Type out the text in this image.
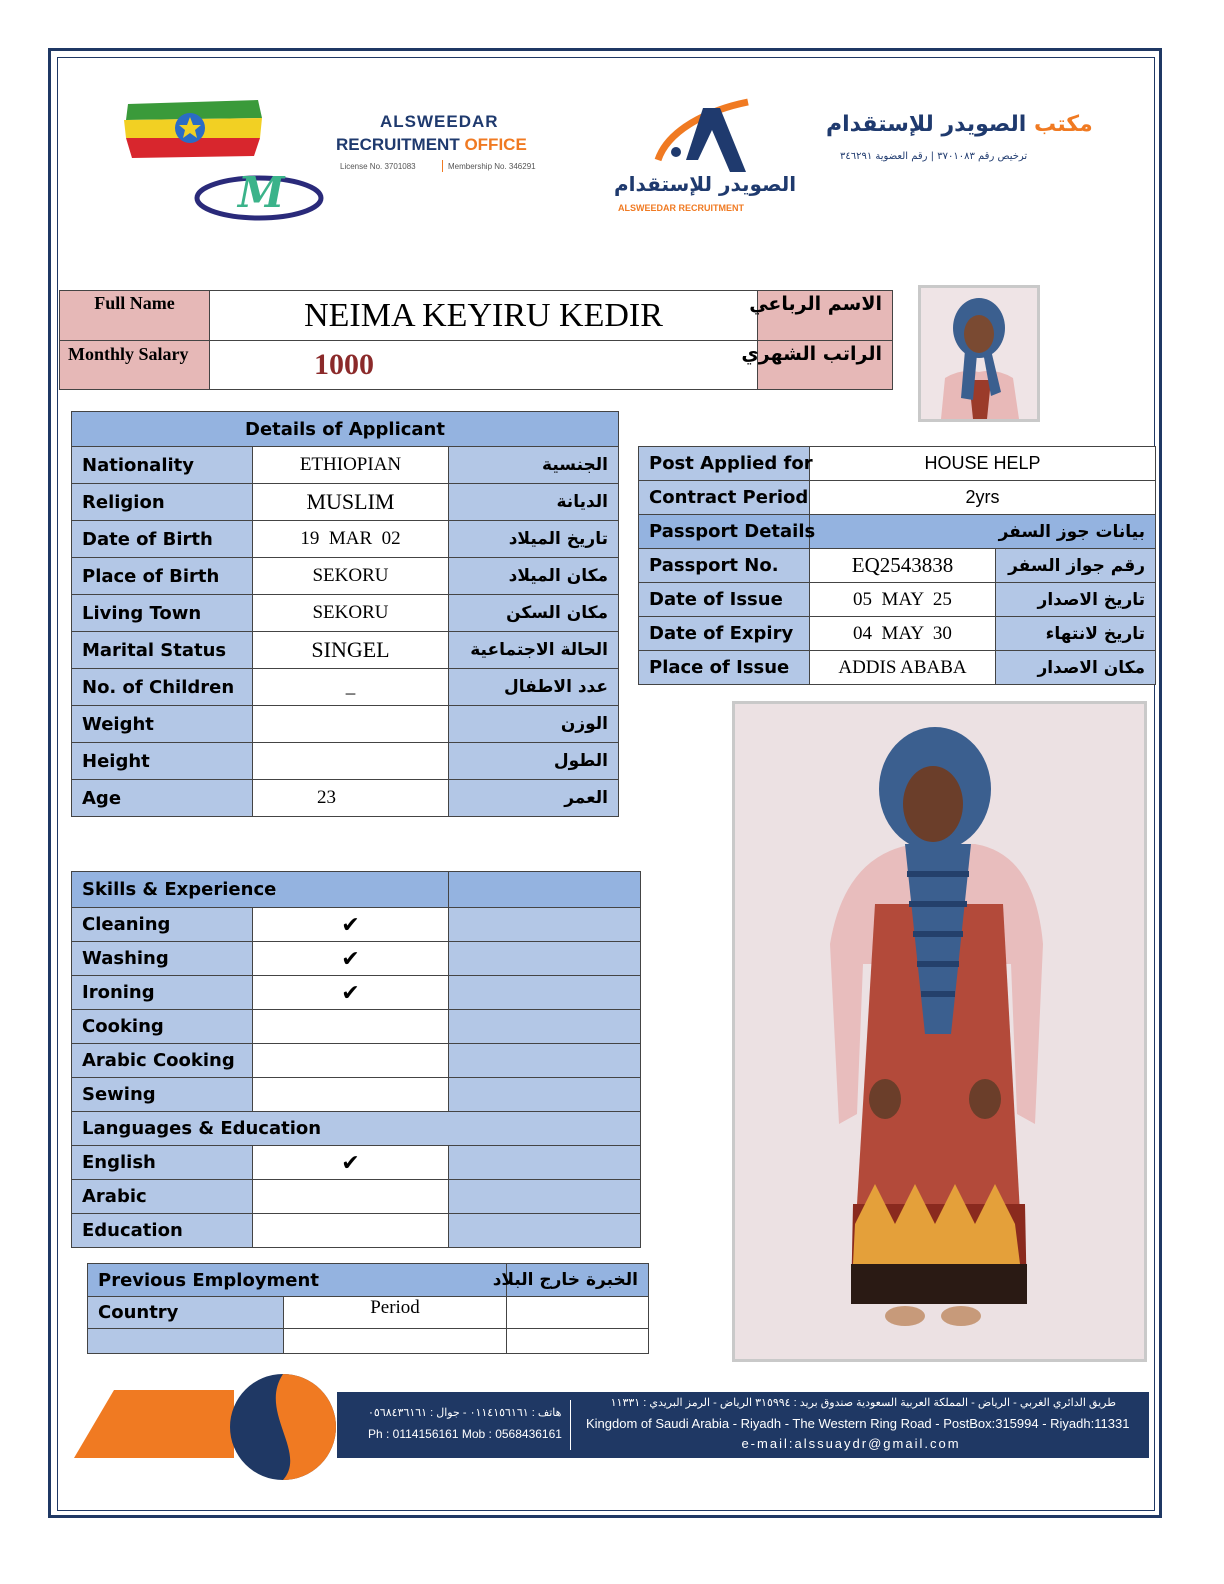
M
ALSWEEDAR
RECRUITMENT OFFICE
License No. 3701083	Membership No. 346291
الصويدر للإستقدام
ALSWEEDAR RECRUITMENT
مكتب الصويدر للإستقدام
ترخيص رقم ٣٧٠١٠٨٣ | رقم العضوية ٣٤٦٢٩١
Full Name	NEIMA KEYIRU KEDIR	الاسم الرباعي
Monthly Salary	1000	الراتب الشهري
Details of Applicant		
Nationality	ETHIOPIAN	الجنسية
Religion	MUSLIM	الديانة
Date of Birth	19  MAR  02	تاريخ الميلاد
Place of Birth	SEKORU	مكان الميلاد
Living Town	SEKORU	مكان السكن
Marital Status	SINGEL	الحالة الاجتماعية
No. of Children	_	عدد الاطفال
Weight		الوزن
Height		الطول
Age	23	العمر
Post Applied for	HOUSE HELP	
Contract Period	2yrs	
Passport Details	بيانات جوز السفر	
Passport No.	EQ2543838	رقم جواز السفر
Date of Issue	05  MAY  25	تاريخ الاصدار
Date of Expiry	04  MAY  30	تاريخ لانتهاء
Place of Issue	ADDIS ABABA	مكان الاصدار
Skills & Experience		
Cleaning	✔	
Washing	✔	
Ironing	✔	
Cooking		
Arabic Cooking		
Sewing		
Languages & Education		
English	✔	
Arabic		
Education		
Previous Employment		الخبرة خارج البلاد
Country	Period	

هاتف : ٠١١٤١٥٦١٦١ - جوال : ٠٥٦٨٤٣٦١٦١
Ph : 0114156161 Mob : 0568436161
طريق الدائري الغربي - الرياض - المملكة العربية السعودية صندوق بريد : ٣١٥٩٩٤ الرياض - الرمز البريدي : ١١٣٣١
Kingdom of Saudi Arabia - Riyadh - The Western Ring Road - PostBox:315994 - Riyadh:11331
e-mail:alssuaydr@gmail.com
